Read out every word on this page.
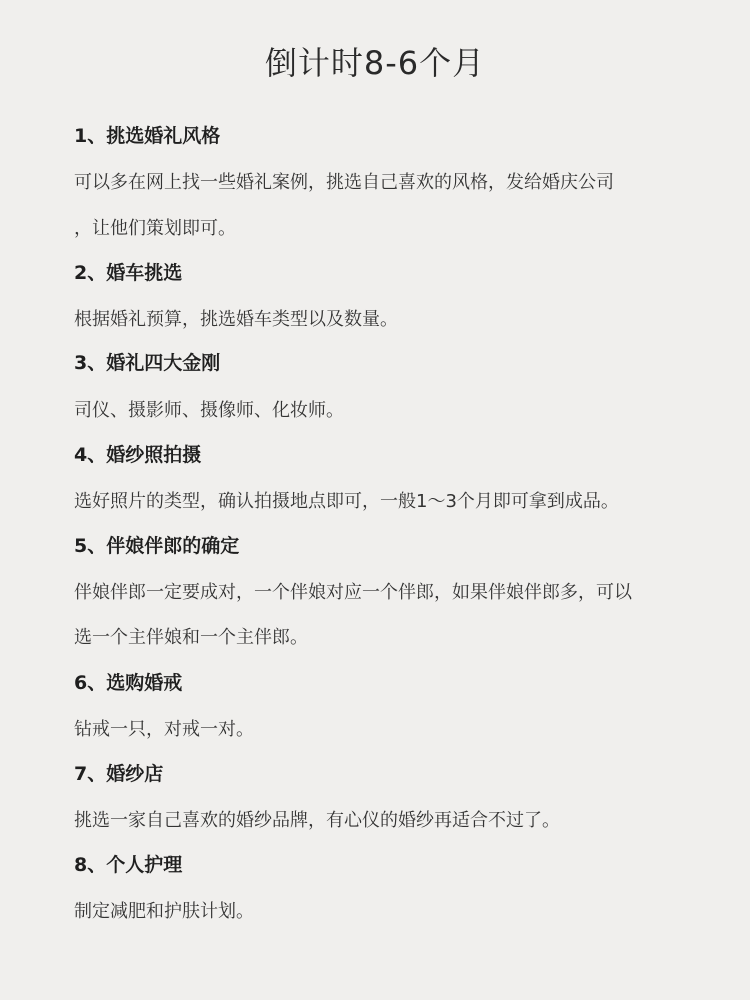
倒计时8-6个月
1、挑选婚礼风格
可以多在网上找一些婚礼案例，挑选自己喜欢的风格，发给婚庆公司
，让他们策划即可。
2、婚车挑选
根据婚礼预算，挑选婚车类型以及数量。
3、婚礼四大金刚
司仪、摄影师、摄像师、化妆师。
4、婚纱照拍摄
选好照片的类型，确认拍摄地点即可，一般1～3个月即可拿到成品。
5、伴娘伴郎的确定
伴娘伴郎一定要成对，一个伴娘对应一个伴郎，如果伴娘伴郎多，可以
选一个主伴娘和一个主伴郎。
6、选购婚戒
钻戒一只，对戒一对。
7、婚纱店
挑选一家自己喜欢的婚纱品牌，有心仪的婚纱再适合不过了。
8、个人护理
制定减肥和护肤计划。
